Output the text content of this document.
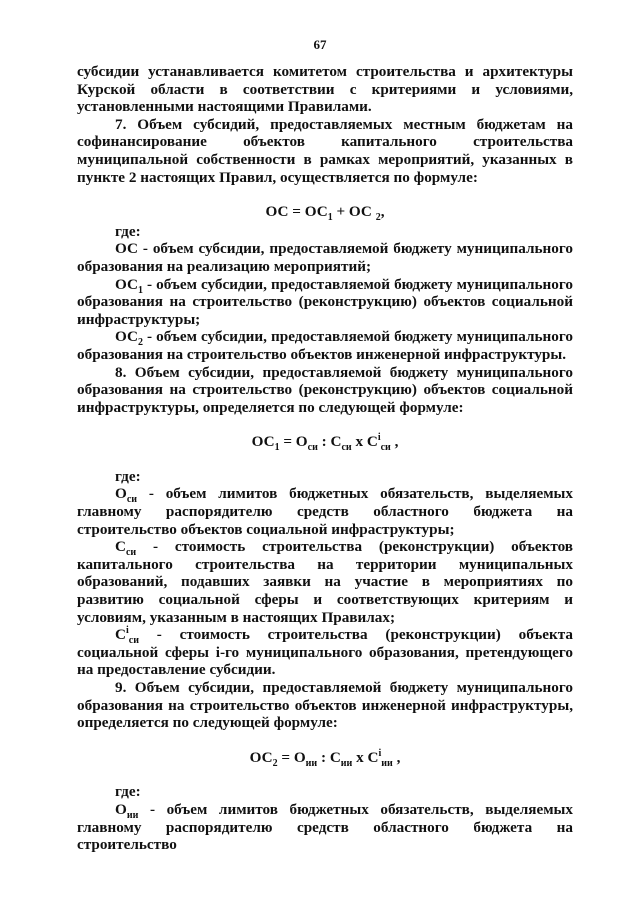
67

субсидии устанавливается комитетом строительства и архитектуры Курской области в соответствии с критериями и условиями, установленными настоящими Правилами.

7. Объем субсидий, предоставляемых местным бюджетам на софинансирование объектов капитального строительства муниципальной собственности в рамках мероприятий, указанных в пункте 2 настоящих Правил, осуществляется по формуле:

ОС = $ОС_1$ + ОС $_2$,

где:

ОС - объем субсидии, предоставляемой бюджету муниципального образования на реализацию мероприятий;

$ОС_1$ - объем субсидии, предоставляемой бюджету муниципального образования на строительство (реконструкцию) объектов социальной инфраструктуры;

$ОС_2$ - объем субсидии, предоставляемой бюджету муниципального образования на строительство объектов инженерной инфраструктуры.

8. Объем субсидии, предоставляемой бюджету муниципального образования на строительство (реконструкцию) объектов социальной инфраструктуры, определяется по следующей формуле:

$ОС_1 = О_{си}$ : $С_{си}$ х $С^i_{си}$ ,

где:

$О_{си}$ - объем лимитов бюджетных обязательств, выделяемых главному распорядителю средств областного бюджета на строительство объектов социальной инфраструктуры;

$С_{си}$ - стоимость строительства (реконструкции) объектов капитального строительства на территории муниципальных образований, подавших заявки на участие в мероприятиях по развитию социальной сферы и соответствующих критериям и условиям, указанным в настоящих Правилах;

$С^i_{си}$ - стоимость строительства (реконструкции) объекта социальной сферы i-го муниципального образования, претендующего на предоставление субсидии.

9. Объем субсидии, предоставляемой бюджету муниципального образования на строительство объектов инженерной инфраструктуры, определяется по следующей формуле:

$ОС_2 = О_{ии}$ : $С_{ии}$ х $С^i_{ии}$ ,

где:

$О_{ии}$ - объем лимитов бюджетных обязательств, выделяемых главному распорядителю средств областного бюджета на строительство
